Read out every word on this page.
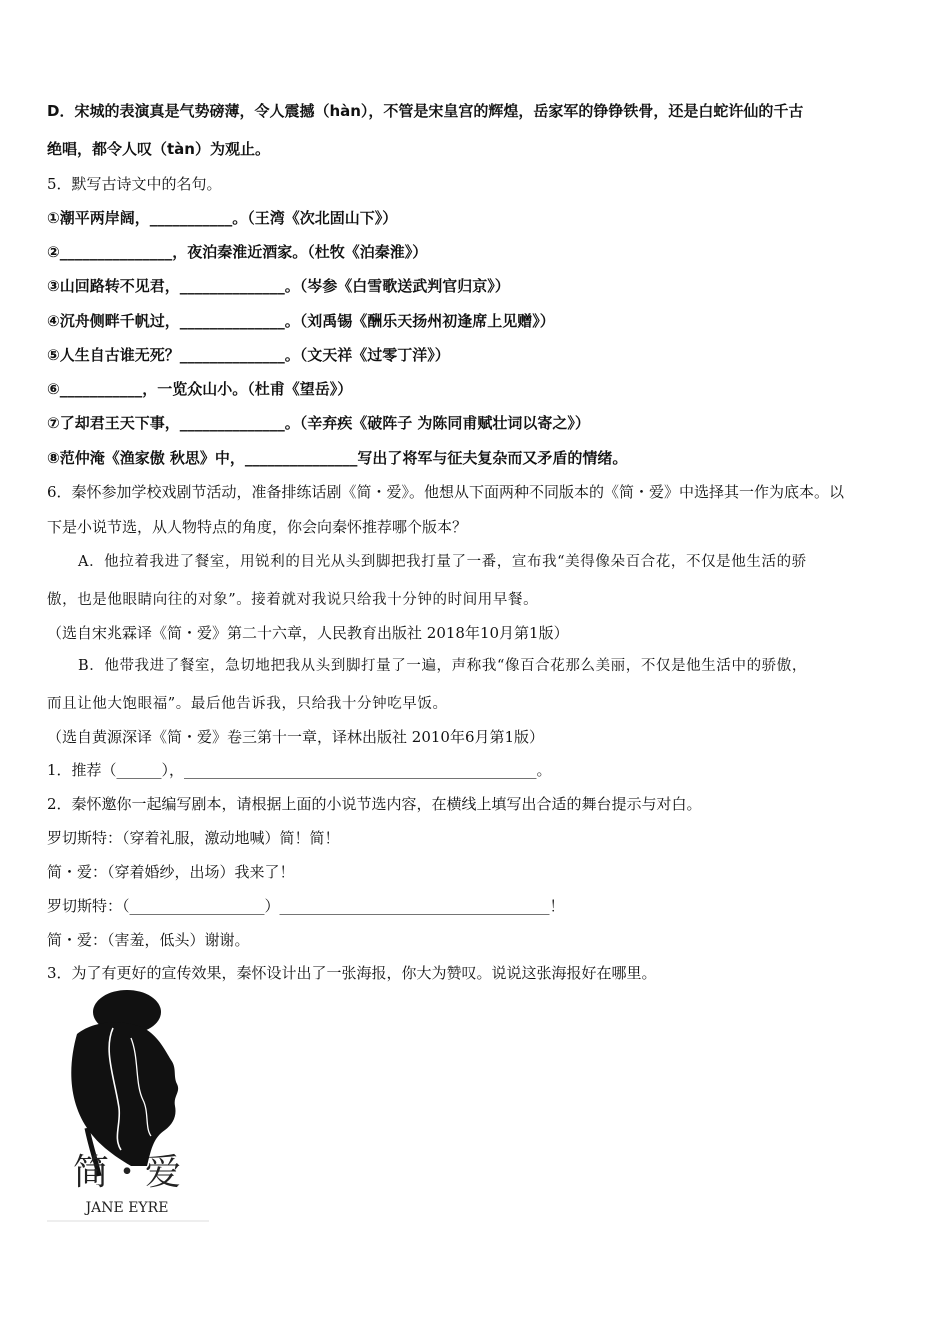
D．宋城的表演真是气势磅薄，令人震撼（hàn），不管是宋皇宫的辉煌，岳家军的铮铮铁骨，还是白蛇许仙的千古
绝唱，都令人叹（tàn）为观止。
5．默写古诗文中的名句。
①潮平两岸阔，___________。（王湾《次北固山下》）
②_______________，夜泊秦淮近酒家。（杜牧《泊秦淮》）
③山回路转不见君，______________。（岑参《白雪歌送武判官归京》）
④沉舟侧畔千帆过，______________。（刘禹锡《酬乐天扬州初逢席上见赠》）
⑤人生自古谁无死？______________。（文天祥《过零丁洋》）
⑥___________，一览众山小。（杜甫《望岳》）
⑦了却君王天下事，______________。（辛弃疾《破阵子 为陈同甫赋壮词以寄之》）
⑧范仲淹《渔家傲 秋思》中，_______________写出了将军与征夫复杂而又矛盾的情绪。
6．秦怀参加学校戏剧节活动，准备排练话剧《简・爱》。他想从下面两种不同版本的《简・爱》中选择其一作为底本。以
下是小说节选，从人物特点的角度，你会向秦怀推荐哪个版本？
A．他拉着我进了餐室，用锐利的目光从头到脚把我打量了一番，宣布我“美得像朵百合花，不仅是他生活的骄
傲，也是他眼睛向往的对象”。接着就对我说只给我十分钟的时间用早餐。
（选自宋兆霖译《简・爱》第二十六章，人民教育出版社 2018年10月第1版）
B．他带我进了餐室，急切地把我从头到脚打量了一遍，声称我“像百合花那么美丽，不仅是他生活中的骄傲，
而且让他大饱眼福”。最后他告诉我，只给我十分钟吃早饭。
（选自黄源深译《简・爱》卷三第十一章，译林出版社 2010年6月第1版）
1．推荐（______），_______________________________________________。
2．秦怀邀你一起编写剧本，请根据上面的小说节选内容，在横线上填写出合适的舞台提示与对白。
罗切斯特：（穿着礼服，激动地喊）简！简！
简・爱：（穿着婚纱，出场）我来了！
罗切斯特：（__________________）____________________________________！
简・爱：（害羞，低头）谢谢。
3．为了有更好的宣传效果，秦怀设计出了一张海报，你大为赞叹。说说这张海报好在哪里。
简・爱
JANE EYRE
